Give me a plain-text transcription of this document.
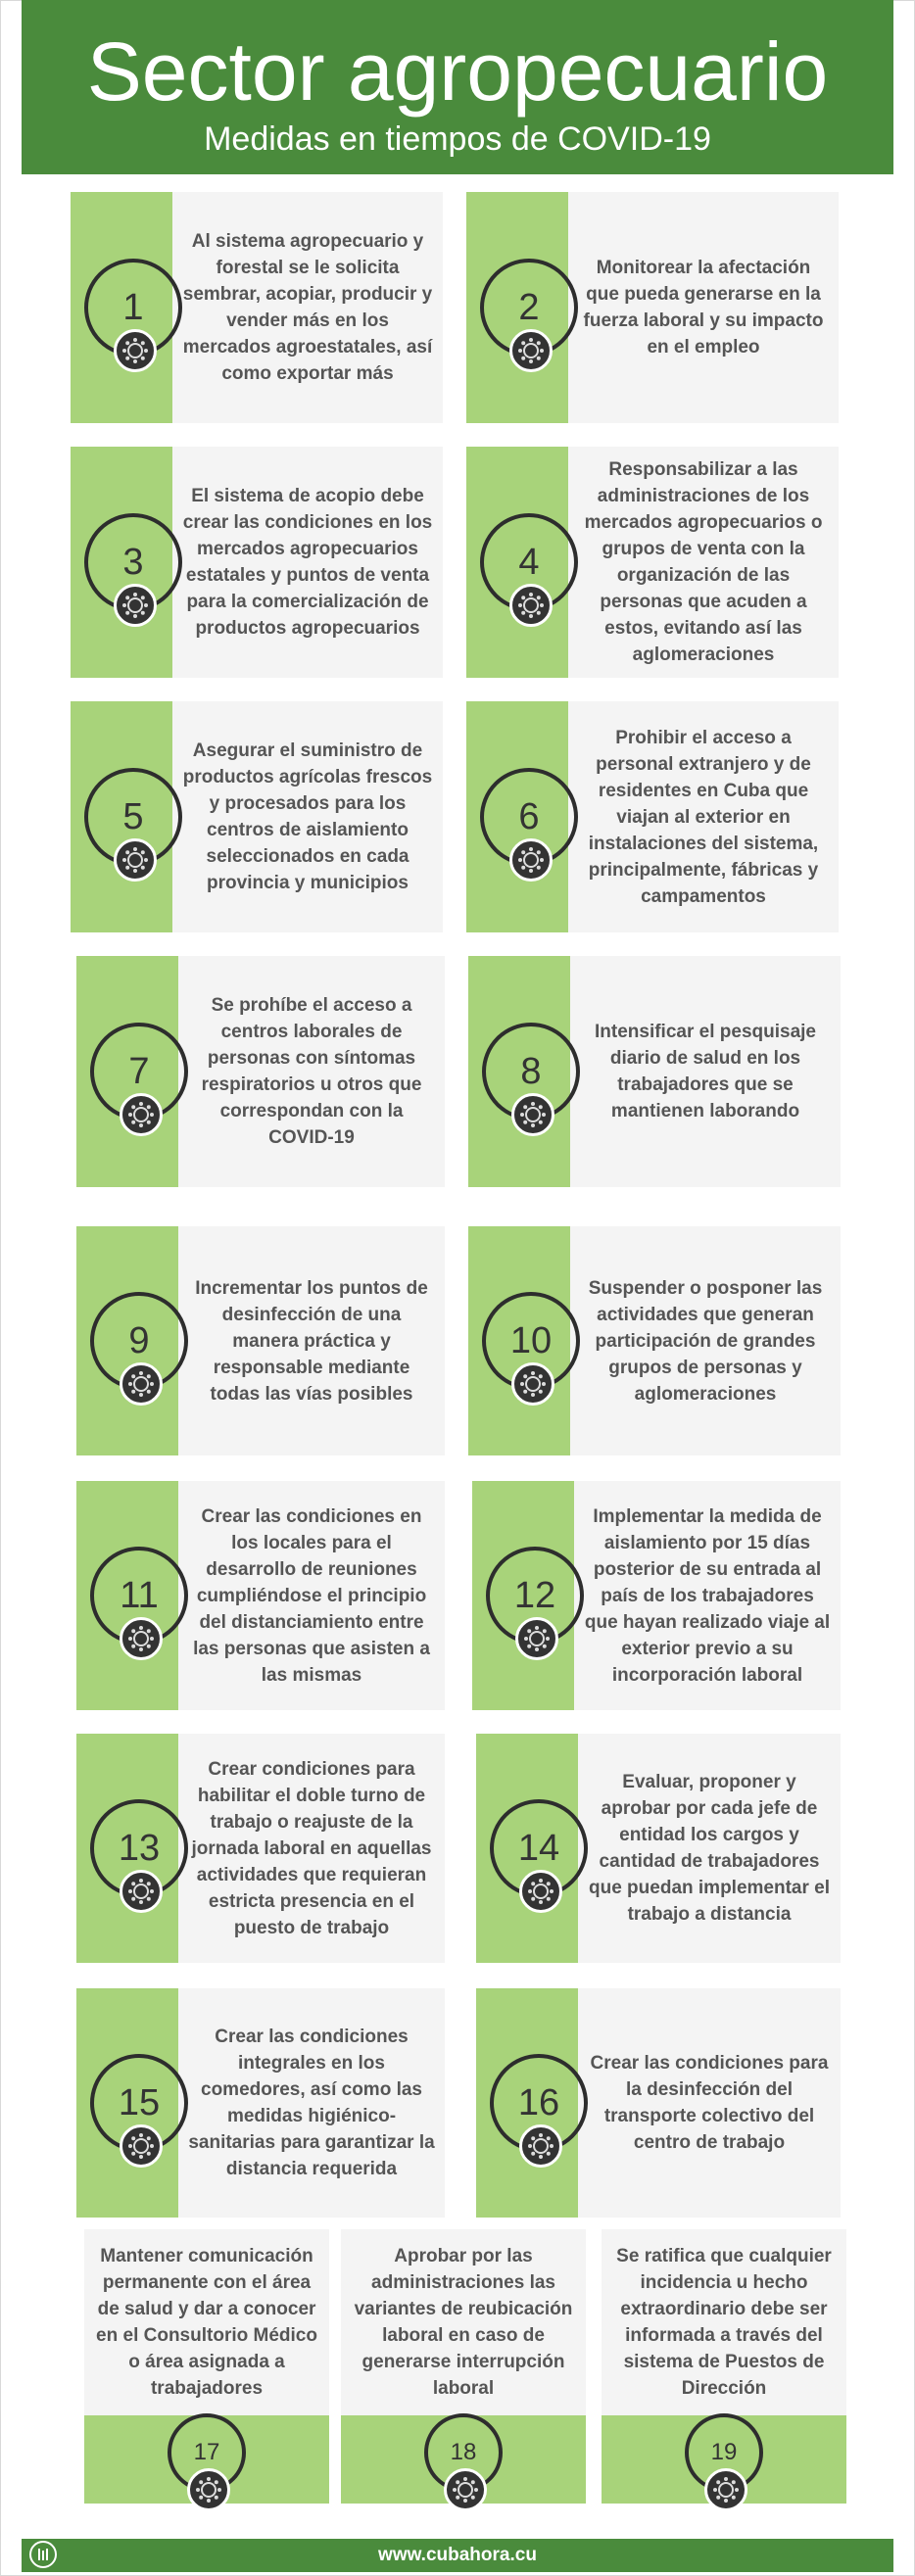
Sector agropecuario
Medidas en tiempos de COVID-19
1
Al sistema agropecuario y forestal se le solicita sembrar, acopiar, producir y vender más en los mercados agroestatales, así como exportar más
2
Monitorear la afectación que pueda generarse en la fuerza laboral y su impacto en el empleo
3
El sistema de acopio debe crear las condiciones en los mercados agropecuarios estatales y puntos de venta para la comercialización de productos agropecuarios
4
Responsabilizar a las administraciones de los mercados agropecuarios o grupos de venta con la organización de las personas que acuden a estos, evitando así las aglomeraciones
5
Asegurar el suministro de productos agrícolas frescos y procesados para los centros de aislamiento seleccionados en cada provincia y municipios
6
Prohibir el acceso a personal extranjero y de residentes en Cuba que viajan al exterior en instalaciones del sistema, principalmente, fábricas y campamentos
7
Se prohíbe el acceso a centros laborales de personas con síntomas respiratorios u otros que correspondan con la COVID-19
8
Intensificar el pesquisaje diario de salud en los trabajadores que se mantienen laborando
9
Incrementar los puntos de desinfección de una manera práctica y responsable mediante todas las vías posibles
10
Suspender o posponer las actividades que generan participación de grandes grupos de personas y aglomeraciones
11
Crear las condiciones en los locales para el desarrollo de reuniones cumpliéndose el principio del distanciamiento entre las personas que asisten a las mismas
12
Implementar la medida de aislamiento por 15 días posterior de su entrada al país de los trabajadores que hayan realizado viaje al exterior previo a su incorporación laboral
13
Crear condiciones para habilitar el doble turno de trabajo o reajuste de la jornada laboral en aquellas actividades que requieran estricta presencia en el puesto de trabajo
14
Evaluar, proponer y aprobar por cada jefe de entidad los cargos y cantidad de trabajadores que puedan implementar el trabajo a distancia
15
Crear las condiciones integrales en los comedores, así como las medidas higiénico-sanitarias para garantizar la distancia requerida
16
Crear las condiciones para la desinfección del transporte colectivo del centro de trabajo
Mantener comunicación permanente con el área de salud y dar a conocer en el Consultorio Médico o área asignada a trabajadores
17
Aprobar por las administraciones las variantes de reubicación laboral en caso de generarse interrupción laboral
18
Se ratifica que cualquier incidencia u hecho extraordinario debe ser informada a través del sistema de Puestos de Dirección
19
www.cubahora.cu
